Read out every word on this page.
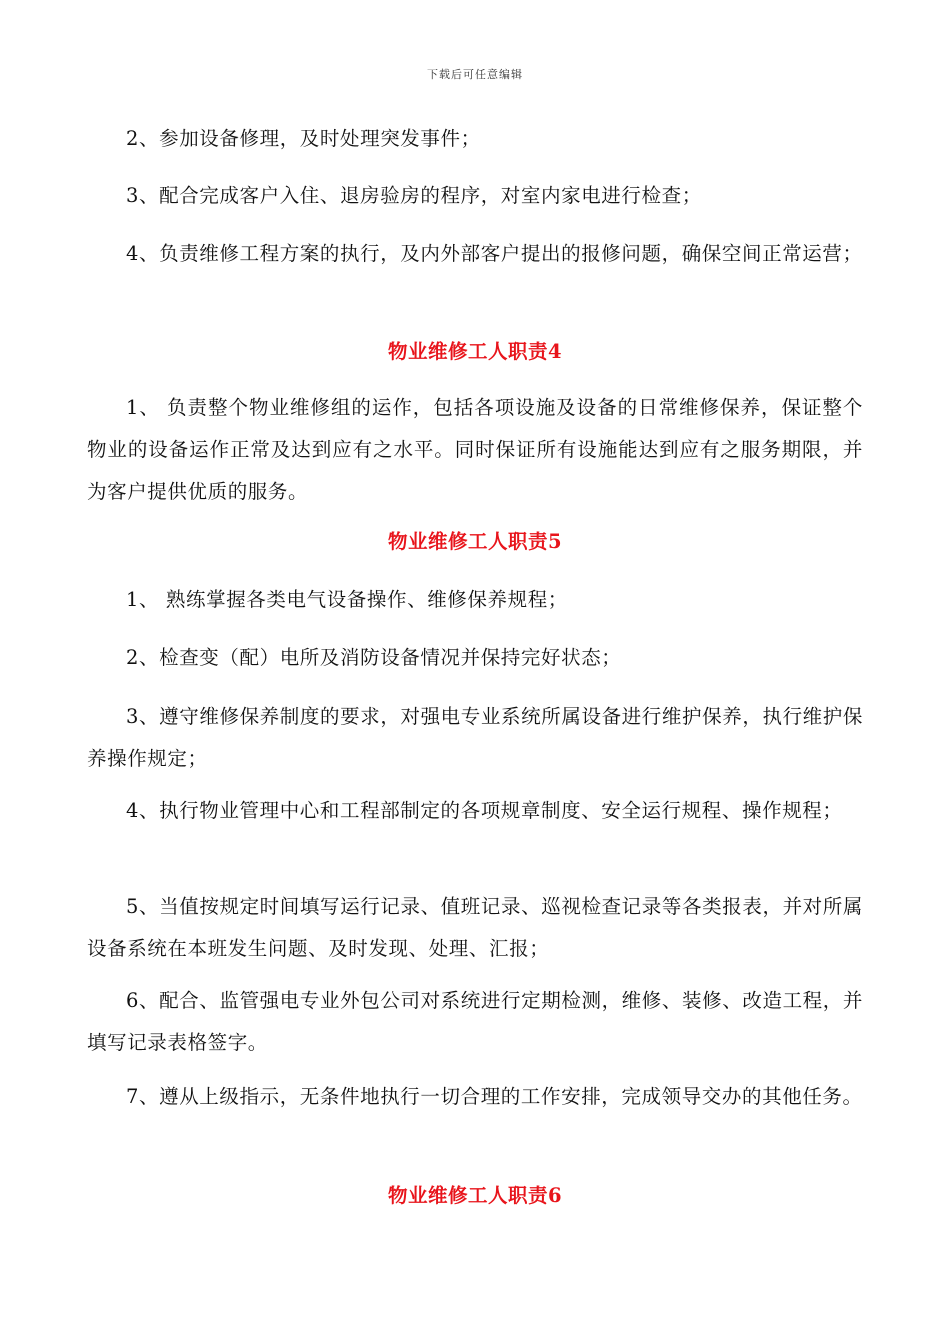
下载后可任意编辑

2、参加设备修理，及时处理突发事件；

3、配合完成客户入住、退房验房的程序，对室内家电进行检查；

4、负责维修工程方案的执行，及内外部客户提出的报修问题，确保空间正常运营；

物业维修工人职责4

1、 负责整个物业维修组的运作，包括各项设施及设备的日常维修保养，保证整个物业的设备运作正常及达到应有之水平。同时保证所有设施能达到应有之服务期限，并为客户提供优质的服务。

物业维修工人职责5

1、 熟练掌握各类电气设备操作、维修保养规程；

2、检查变（配）电所及消防设备情况并保持完好状态；

3、遵守维修保养制度的要求，对强电专业系统所属设备进行维护保养，执行维护保养操作规定；

4、执行物业管理中心和工程部制定的各项规章制度、安全运行规程、操作规程；

5、当值按规定时间填写运行记录、值班记录、巡视检查记录等各类报表，并对所属设备系统在本班发生问题、及时发现、处理、汇报；

6、配合、监管强电专业外包公司对系统进行定期检测，维修、装修、改造工程，并填写记录表格签字。

7、遵从上级指示，无条件地执行一切合理的工作安排，完成领导交办的其他任务。

物业维修工人职责6
